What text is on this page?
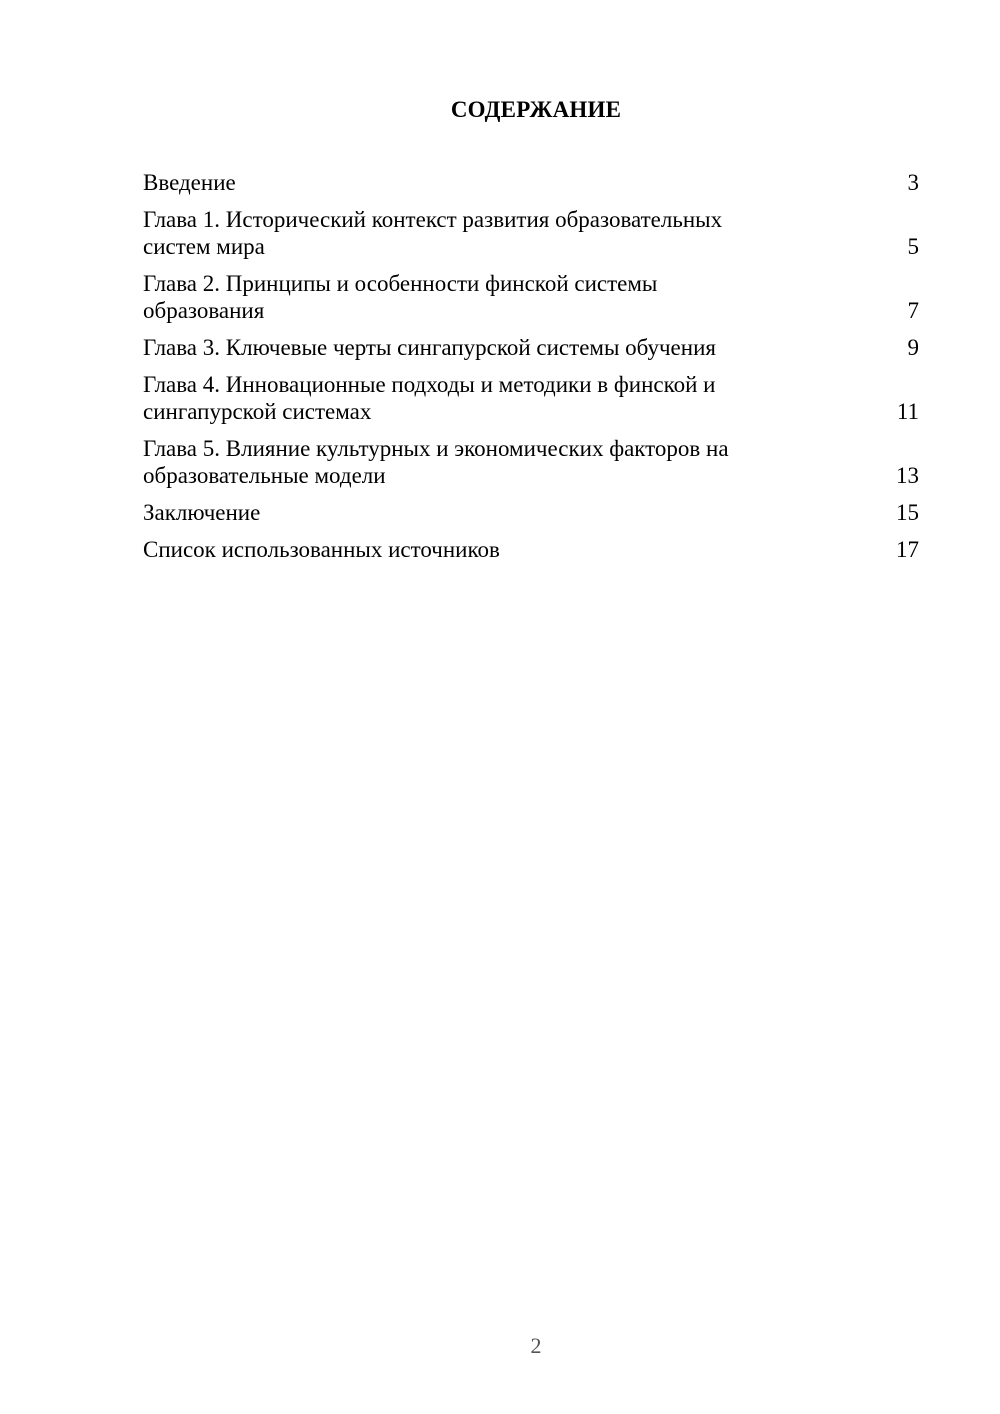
СОДЕРЖАНИЕ
Введение	3
Глава 1. Исторический контекст развития образовательных
систем мира	5
Глава 2. Принципы и особенности финской системы
образования	7
Глава 3. Ключевые черты сингапурской системы обучения	9
Глава 4. Инновационные подходы и методики в финской и
сингапурской системах	11
Глава 5. Влияние культурных и экономических факторов на
образовательные модели	13
Заключение	15
Список использованных источников	17
2
